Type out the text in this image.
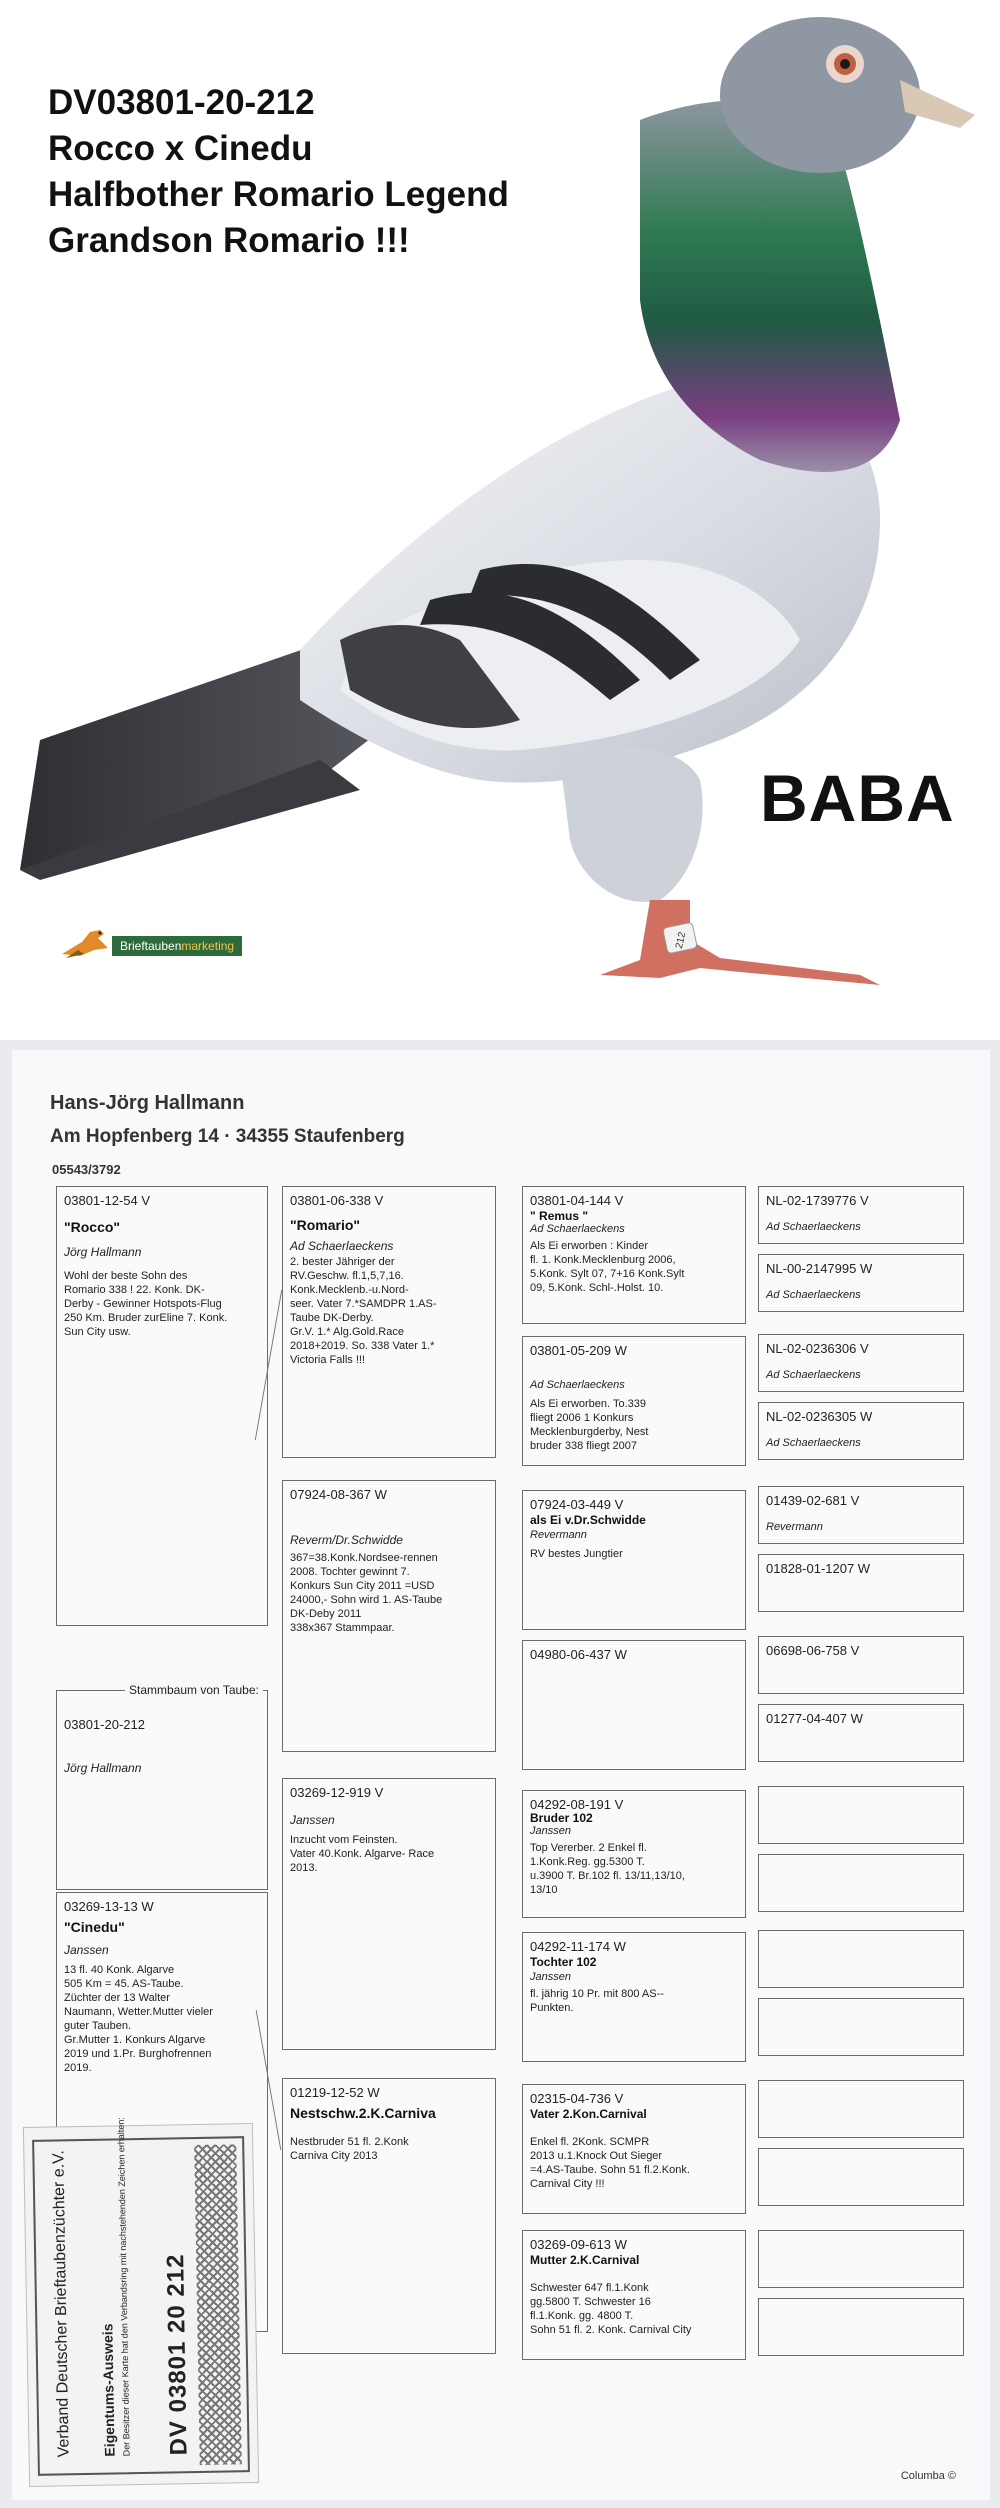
212
DV03801-20-212
Rocco x Cinedu
Halfbother Romario Legend
Grandson Romario !!!
BABA
Brieftaubenmarketing
Hans-Jörg Hallmann
Am Hopfenberg 14 · 34355 Staufenberg
05543/3792
03801-12-54 V
"Rocco"
Jörg Hallmann
Wohl der beste Sohn des
Romario 338 ! 22. Konk. DK-
Derby - Gewinner Hotspots-Flug
250 Km. Bruder zurEline 7. Konk.
Sun City usw.
Stammbaum von Taube:
03801-20-212
Jörg Hallmann
03269-13-13 W
"Cinedu"
Janssen
13 fl. 40 Konk. Algarve
505 Km = 45. AS-Taube.
Züchter der 13 Walter
Naumann, Wetter.Mutter vieler
guter Tauben.
Gr.Mutter 1. Konkurs Algarve
2019 und 1.Pr. Burghofrennen
2019.
03801-06-338 V
"Romario"
Ad Schaerlaeckens
2. bester Jähriger der
RV.Geschw. fl.1,5,7,16.
Konk.Mecklenb.-u.Nord-
seer. Vater 7.*SAMDPR 1.AS-
Taube DK-Derby.
Gr.V. 1.* Alg.Gold.Race
2018+2019. So. 338 Vater 1.*
Victoria Falls !!!
07924-08-367 W
Reverm/Dr.Schwidde
367=38.Konk.Nordsee-rennen
2008. Tochter gewinnt 7.
Konkurs Sun City 2011 =USD
24000,- Sohn wird 1. AS-Taube
DK-Deby 2011
338x367 Stammpaar.
03269-12-919 V
Janssen
Inzucht vom Feinsten.
Vater 40.Konk. Algarve- Race
2013.
01219-12-52 W
Nestschw.2.K.Carniva
Nestbruder 51 fl. 2.Konk
Carniva City 2013
03801-04-144 V
" Remus "
Ad Schaerlaeckens
Als Ei erworben : Kinder
fl. 1. Konk.Mecklenburg 2006,
5.Konk. Sylt 07, 7+16 Konk.Sylt
09, 5.Konk. Schl-.Holst. 10.
03801-05-209 W
Ad Schaerlaeckens
Als Ei erworben. To.339
fliegt 2006 1 Konkurs
Mecklenburgderby, Nest
bruder 338 fliegt 2007
07924-03-449 V
als Ei v.Dr.Schwidde
Revermann
RV bestes Jungtier
04980-06-437 W
04292-08-191 V
Bruder 102
Janssen
Top Vererber. 2 Enkel fl.
1.Konk.Reg. gg.5300 T.
u.3900 T. Br.102 fl. 13/11,13/10,
13/10
04292-11-174 W
Tochter 102
Janssen
fl. jährig 10 Pr. mit 800 AS--
Punkten.
02315-04-736 V
Vater 2.Kon.Carnival
Enkel fl. 2Konk. SCMPR
2013 u.1.Knock Out Sieger
=4.AS-Taube. Sohn 51 fl.2.Konk.
Carnival City !!!
03269-09-613 W
Mutter 2.K.Carnival
Schwester 647 fl.1.Konk
gg.5800 T. Schwester 16
fl.1.Konk. gg. 4800 T.
Sohn 51 fl. 2. Konk. Carnival City
NL-02-1739776 V
Ad Schaerlaeckens
NL-00-2147995 W
Ad Schaerlaeckens
NL-02-0236306 V
Ad Schaerlaeckens
NL-02-0236305 W
Ad Schaerlaeckens
01439-02-681 V
Revermann
01828-01-1207 W
06698-06-758 V
01277-04-407 W
Columba ©
Verband Deutscher Brieftaubenzüchter e.V. Eigentums-Ausweis
Der Besitzer dieser Karte hat den Verbandsring mit nachstehenden Zeichen erhalten: DV 03801 20 212
